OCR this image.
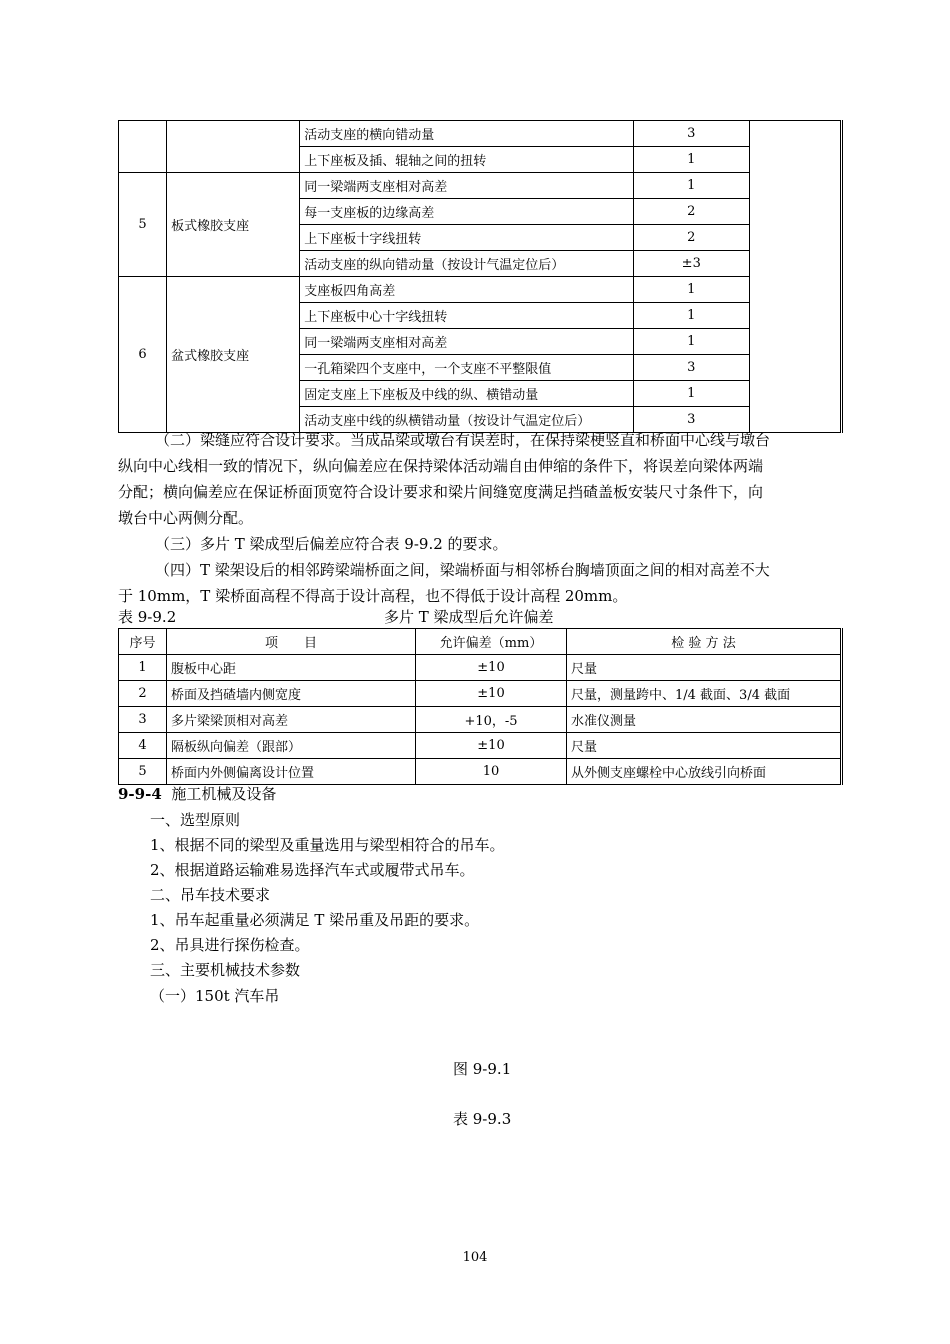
		活动支座的横向错动量	3	
		上下座板及插、辊轴之间的扭转	1	
5	板式橡胶支座	同一梁端两支座相对高差	1	
		每一支座板的边缘高差	2	
		上下座板十字线扭转	2	
		活动支座的纵向错动量（按设计气温定位后）	±3	
6	盆式橡胶支座	支座板四角高差	1	
		上下座板中心十字线扭转	1	
		同一梁端两支座相对高差	1	
		一孔箱梁四个支座中，一个支座不平整限值	3	
		固定支座上下座板及中线的纵、横错动量	1	
		活动支座中线的纵横错动量（按设计气温定位后）	3	
（二）梁缝应符合设计要求。当成品梁或墩台有误差时，在保持梁梗竖直和桥面中心线与墩台
纵向中心线相一致的情况下，纵向偏差应在保持梁体活动端自由伸缩的条件下，将误差向梁体两端
分配；横向偏差应在保证桥面顶宽符合设计要求和梁片间缝宽度满足挡碴盖板安装尺寸条件下，向
墩台中心两侧分配。
（三）多片 T 梁成型后偏差应符合表 9-9.2 的要求。
（四）T 梁架设后的相邻跨梁端桥面之间，梁端桥面与相邻桥台胸墙顶面之间的相对高差不大
于 10mm，T 梁桥面高程不得高于设计高程，也不得低于设计高程 20mm。
表 9-9.2	多片 T 梁成型后允许偏差
序号	项　　目	允许偏差（mm）	检 验 方 法
1	腹板中心距	±10	尺量
2	桥面及挡碴墙内侧宽度	±10	尺量，测量跨中、1/4 截面、3/4 截面
3	多片梁梁顶相对高差	+10，-5	水准仪测量
4	隔板纵向偏差（跟部）	±10	尺量
5	桥面内外侧偏离设计位置	10	从外侧支座螺栓中心放线引向桥面
9-9-4 施工机械及设备
一、选型原则
1、根据不同的梁型及重量选用与梁型相符合的吊车。
2、根据道路运输难易选择汽车式或履带式吊车。
二、吊车技术要求
1、吊车起重量必须满足 T 梁吊重及吊距的要求。
2、吊具进行探伤检查。
三、主要机械技术参数
（一）150t 汽车吊
图 9-9.1
表 9-9.3
104
